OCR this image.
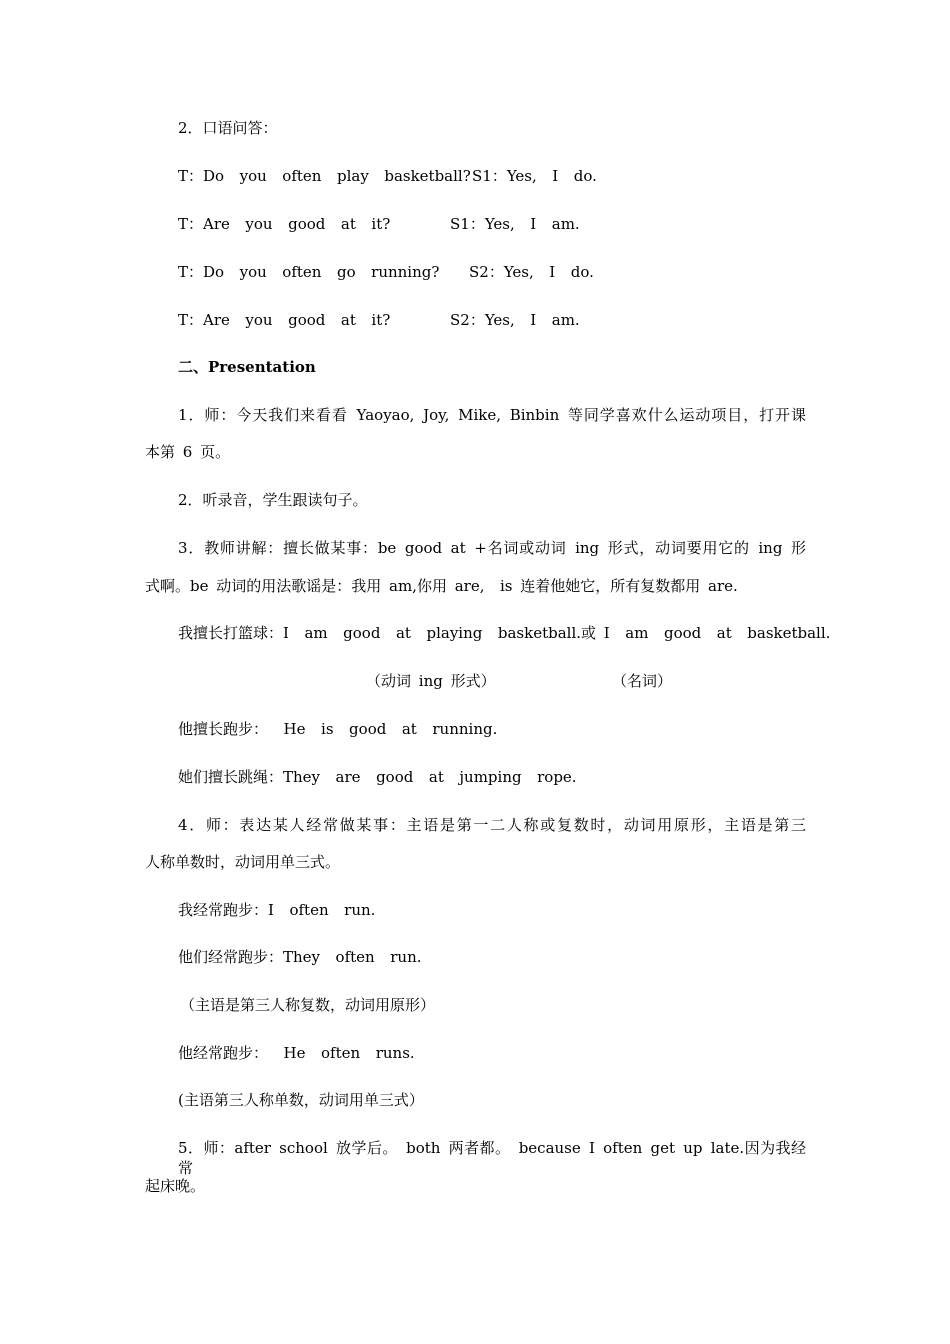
2．口语问答：
T：Do  you  often  play  basketball? S1：Yes,  I  do.
T：Are  you  good  at  it?	S1：Yes,  I  am.
T：Do  you  often  go  running? S2：Yes,  I  do.
T：Are  you  good  at  it?	S2：Yes,  I  am.
二、Presentation
1．师：今天我们来看看 Yaoyao, Joy, Mike, Binbin 等同学喜欢什么运动项目，打开课
本第 6 页。
2．听录音，学生跟读句子。
3．教师讲解：擅长做某事：be good at +名词或动词 ing 形式，动词要用它的 ing 形
式啊。be 动词的用法歌谣是：我用 am,你用 are,  is 连着他她它，所有复数都用 are.
我擅长打篮球：I  am  good  at  playing  basketball.或 I  am  good  at  basketball.
（动词 ing 形式）	（名词）
他擅长跑步：  He  is  good  at  running.
她们擅长跳绳：They  are  good  at  jumping  rope.
4．师：表达某人经常做某事：主语是第一二人称或复数时，动词用原形，主语是第三
人称单数时，动词用单三式。
我经常跑步：I  often  run.
他们经常跑步：They  often  run.
（主语是第三人称复数，动词用原形）
他经常跑步：  He  often  runs.
(主语第三人称单数，动词用单三式）
5．师：after school 放学后。 both 两者都。 because I often get up late.因为我经常
起床晚。
